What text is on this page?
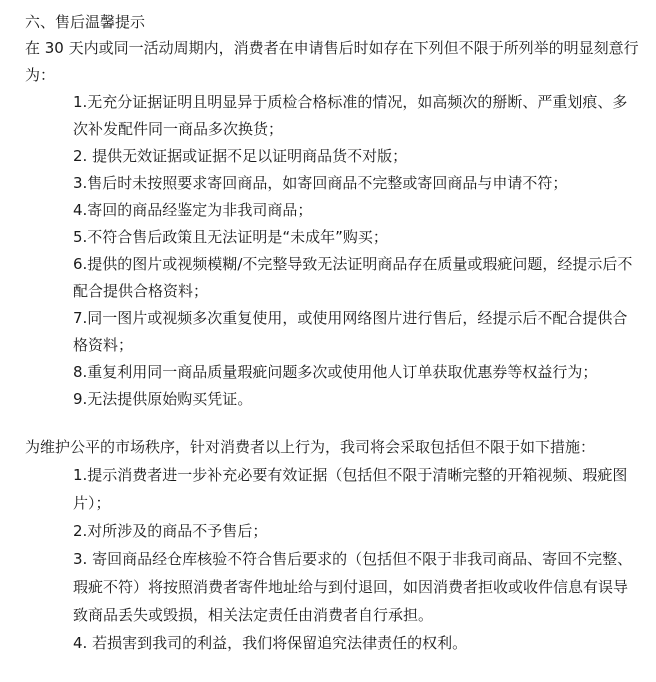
六、售后温馨提示

在 30 天内或同一活动周期内，消费者在申请售后时如存在下列但不限于所列举的明显刻意行为：

1.无充分证据证明且明显异于质检合格标准的情况，如高频次的掰断、严重划痕、多次补发配件同一商品多次换货；
2. 提供无效证据或证据不足以证明商品货不对版；
3.售后时未按照要求寄回商品，如寄回商品不完整或寄回商品与申请不符；
4.寄回的商品经鉴定为非我司商品；
5.不符合售后政策且无法证明是“未成年”购买；
6.提供的图片或视频模糊/不完整导致无法证明商品存在质量或瑕疵问题，经提示后不配合提供合格资料；
7.同一图片或视频多次重复使用，或使用网络图片进行售后，经提示后不配合提供合格资料；
8.重复利用同一商品质量瑕疵问题多次或使用他人订单获取优惠券等权益行为；
9.无法提供原始购买凭证。

为维护公平的市场秩序，针对消费者以上行为，我司将会采取包括但不限于如下措施：

1.提示消费者进一步补充必要有效证据（包括但不限于清晰完整的开箱视频、瑕疵图片）；
2.对所涉及的商品不予售后；
3. 寄回商品经仓库核验不符合售后要求的（包括但不限于非我司商品、寄回不完整、瑕疵不符）将按照消费者寄件地址给与到付退回，如因消费者拒收或收件信息有误导致商品丢失或毁损，相关法定责任由消费者自行承担。
4. 若损害到我司的利益，我们将保留追究法律责任的权利。
